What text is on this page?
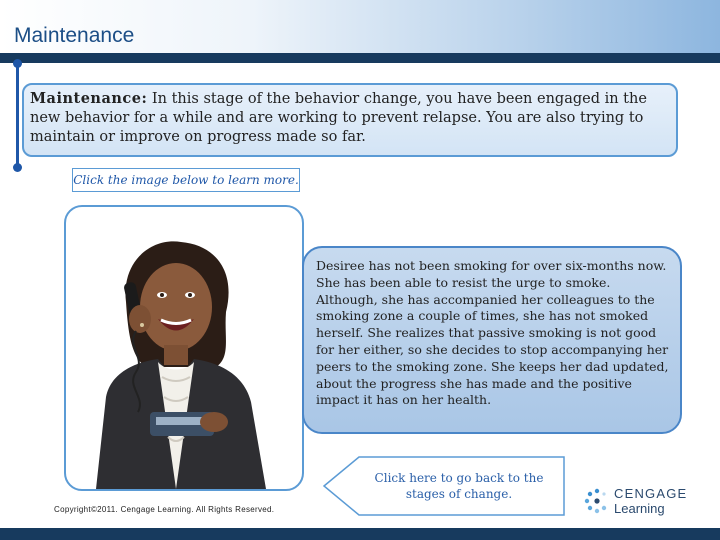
Maintenance
Maintenance: In this stage of the behavior change, you have been engaged in the new behavior for a while and are working to prevent relapse. You are also trying to maintain or improve on progress made so far.
Click the image below to learn more.
Desiree has not been smoking for over six-months now. She has been able to resist the urge to smoke. Although, she has accompanied her colleagues to the smoking zone a couple of times, she has not smoked herself. She realizes that passive smoking is not good for her either, so she decides to stop accompanying her peers to the smoking zone. She keeps her dad updated, about the progress she has made and the positive impact it has on her health.
Click here to go back to the stages of change.
Copyright©2011. Cengage Learning. All Rights Reserved.
CENGAGE
Learning
